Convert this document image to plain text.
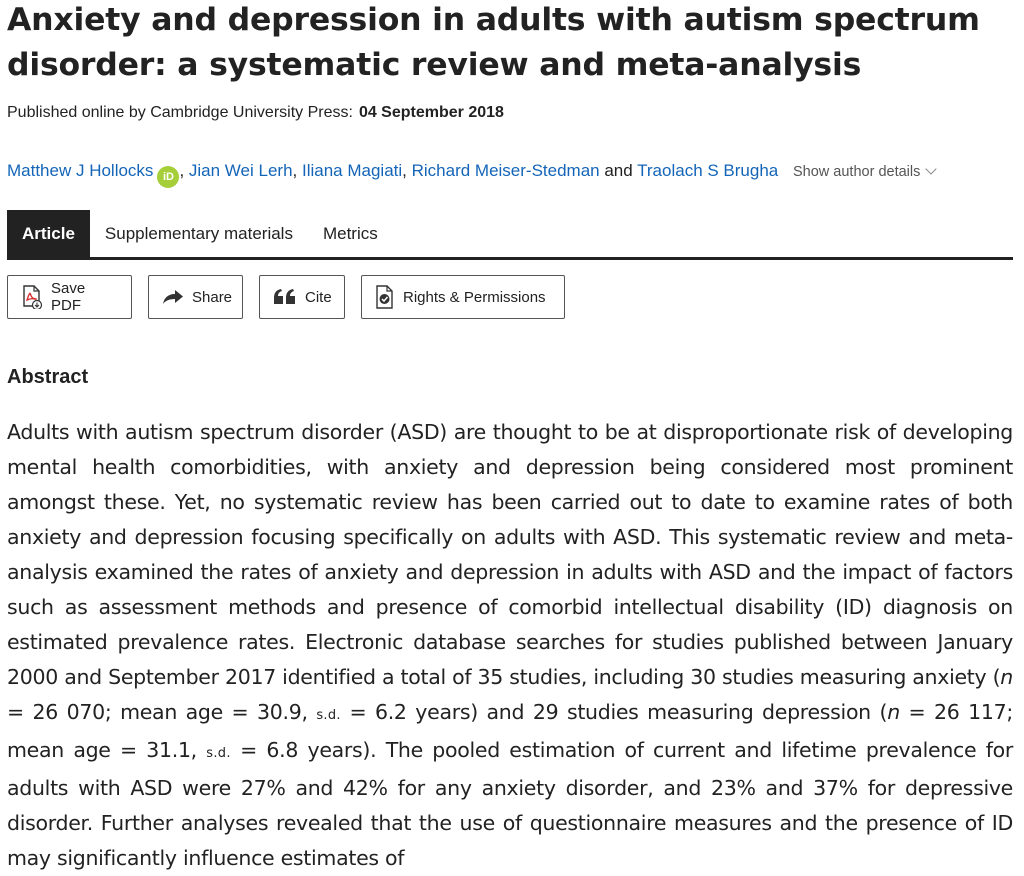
Anxiety and depression in adults with autism spectrum disorder: a systematic review and meta-analysis
Published online by Cambridge University Press: 04 September 2018
Matthew J Hollocks iD , Jian Wei Lerh, Iliana Magiati, Richard Meiser-Stedman and Traolach S Brugha Show author details
Article	Supplementary materials	Metrics
Save PDF	Share	Cite	Rights & Permissions
Abstract

Adults with autism spectrum disorder (ASD) are thought to be at disproportionate risk of developing mental health comorbidities, with anxiety and depression being considered most prominent amongst these. Yet, no systematic review has been carried out to date to examine rates of both anxiety and depression focusing specifically on adults with ASD. This systematic review and meta-analysis examined the rates of anxiety and depression in adults with ASD and the impact of factors such as assessment methods and presence of comorbid intellectual disability (ID) diagnosis on estimated prevalence rates. Electronic database searches for studies published between January 2000 and September 2017 identified a total of 35 studies, including 30 studies measuring anxiety (n = 26 070; mean age = 30.9, s.d. = 6.2 years) and 29 studies measuring depression (n = 26 117; mean age = 31.1, s.d. = 6.8 years). The pooled estimation of current and lifetime prevalence for adults with ASD were 27% and 42% for any anxiety disorder, and 23% and 37% for depressive disorder. Further analyses revealed that the use of questionnaire measures and the presence of ID may significantly influence estimates of
